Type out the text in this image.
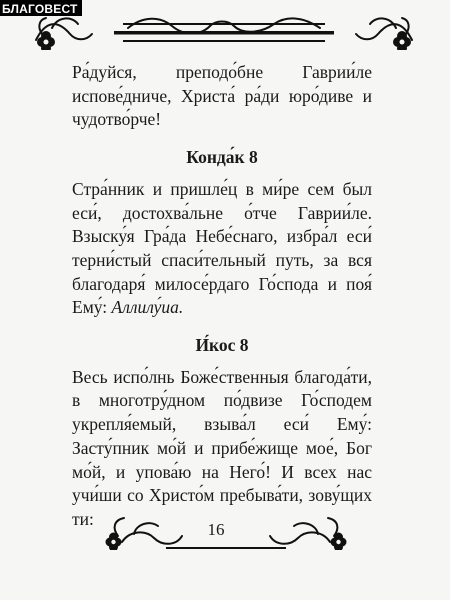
БЛАГОВЕСТ

Ра́дуйся, преподо́бне Гаврии́ле испове́дниче, Христа́ ра́ди юро́диве и чудотво́рче!

Конда́к 8

Стра́нник и пришле́ц в ми́ре сем был еси́, достохва́льне о́тче Гаврии́ле. Взыску́я Гра́да Небе́снаго, избра́л еси́ терни́стый спаси́тельный путь, за вся благодаря́ милосе́рдаго Го́спода и поя́ Ему́: Аллилу́иа.

И́кос 8

Весь испо́лнь Боже́ственныя благода́ти, в многотру́дном по́двизе Го́сподем укрепля́емый, взыва́л еси́ Ему́: Засту́пник мо́й и прибе́жище мое́, Бог мо́й, и упова́ю на Него́! И всех нас учи́ши со Христо́м пребыва́ти, зову́щих ти:

16
